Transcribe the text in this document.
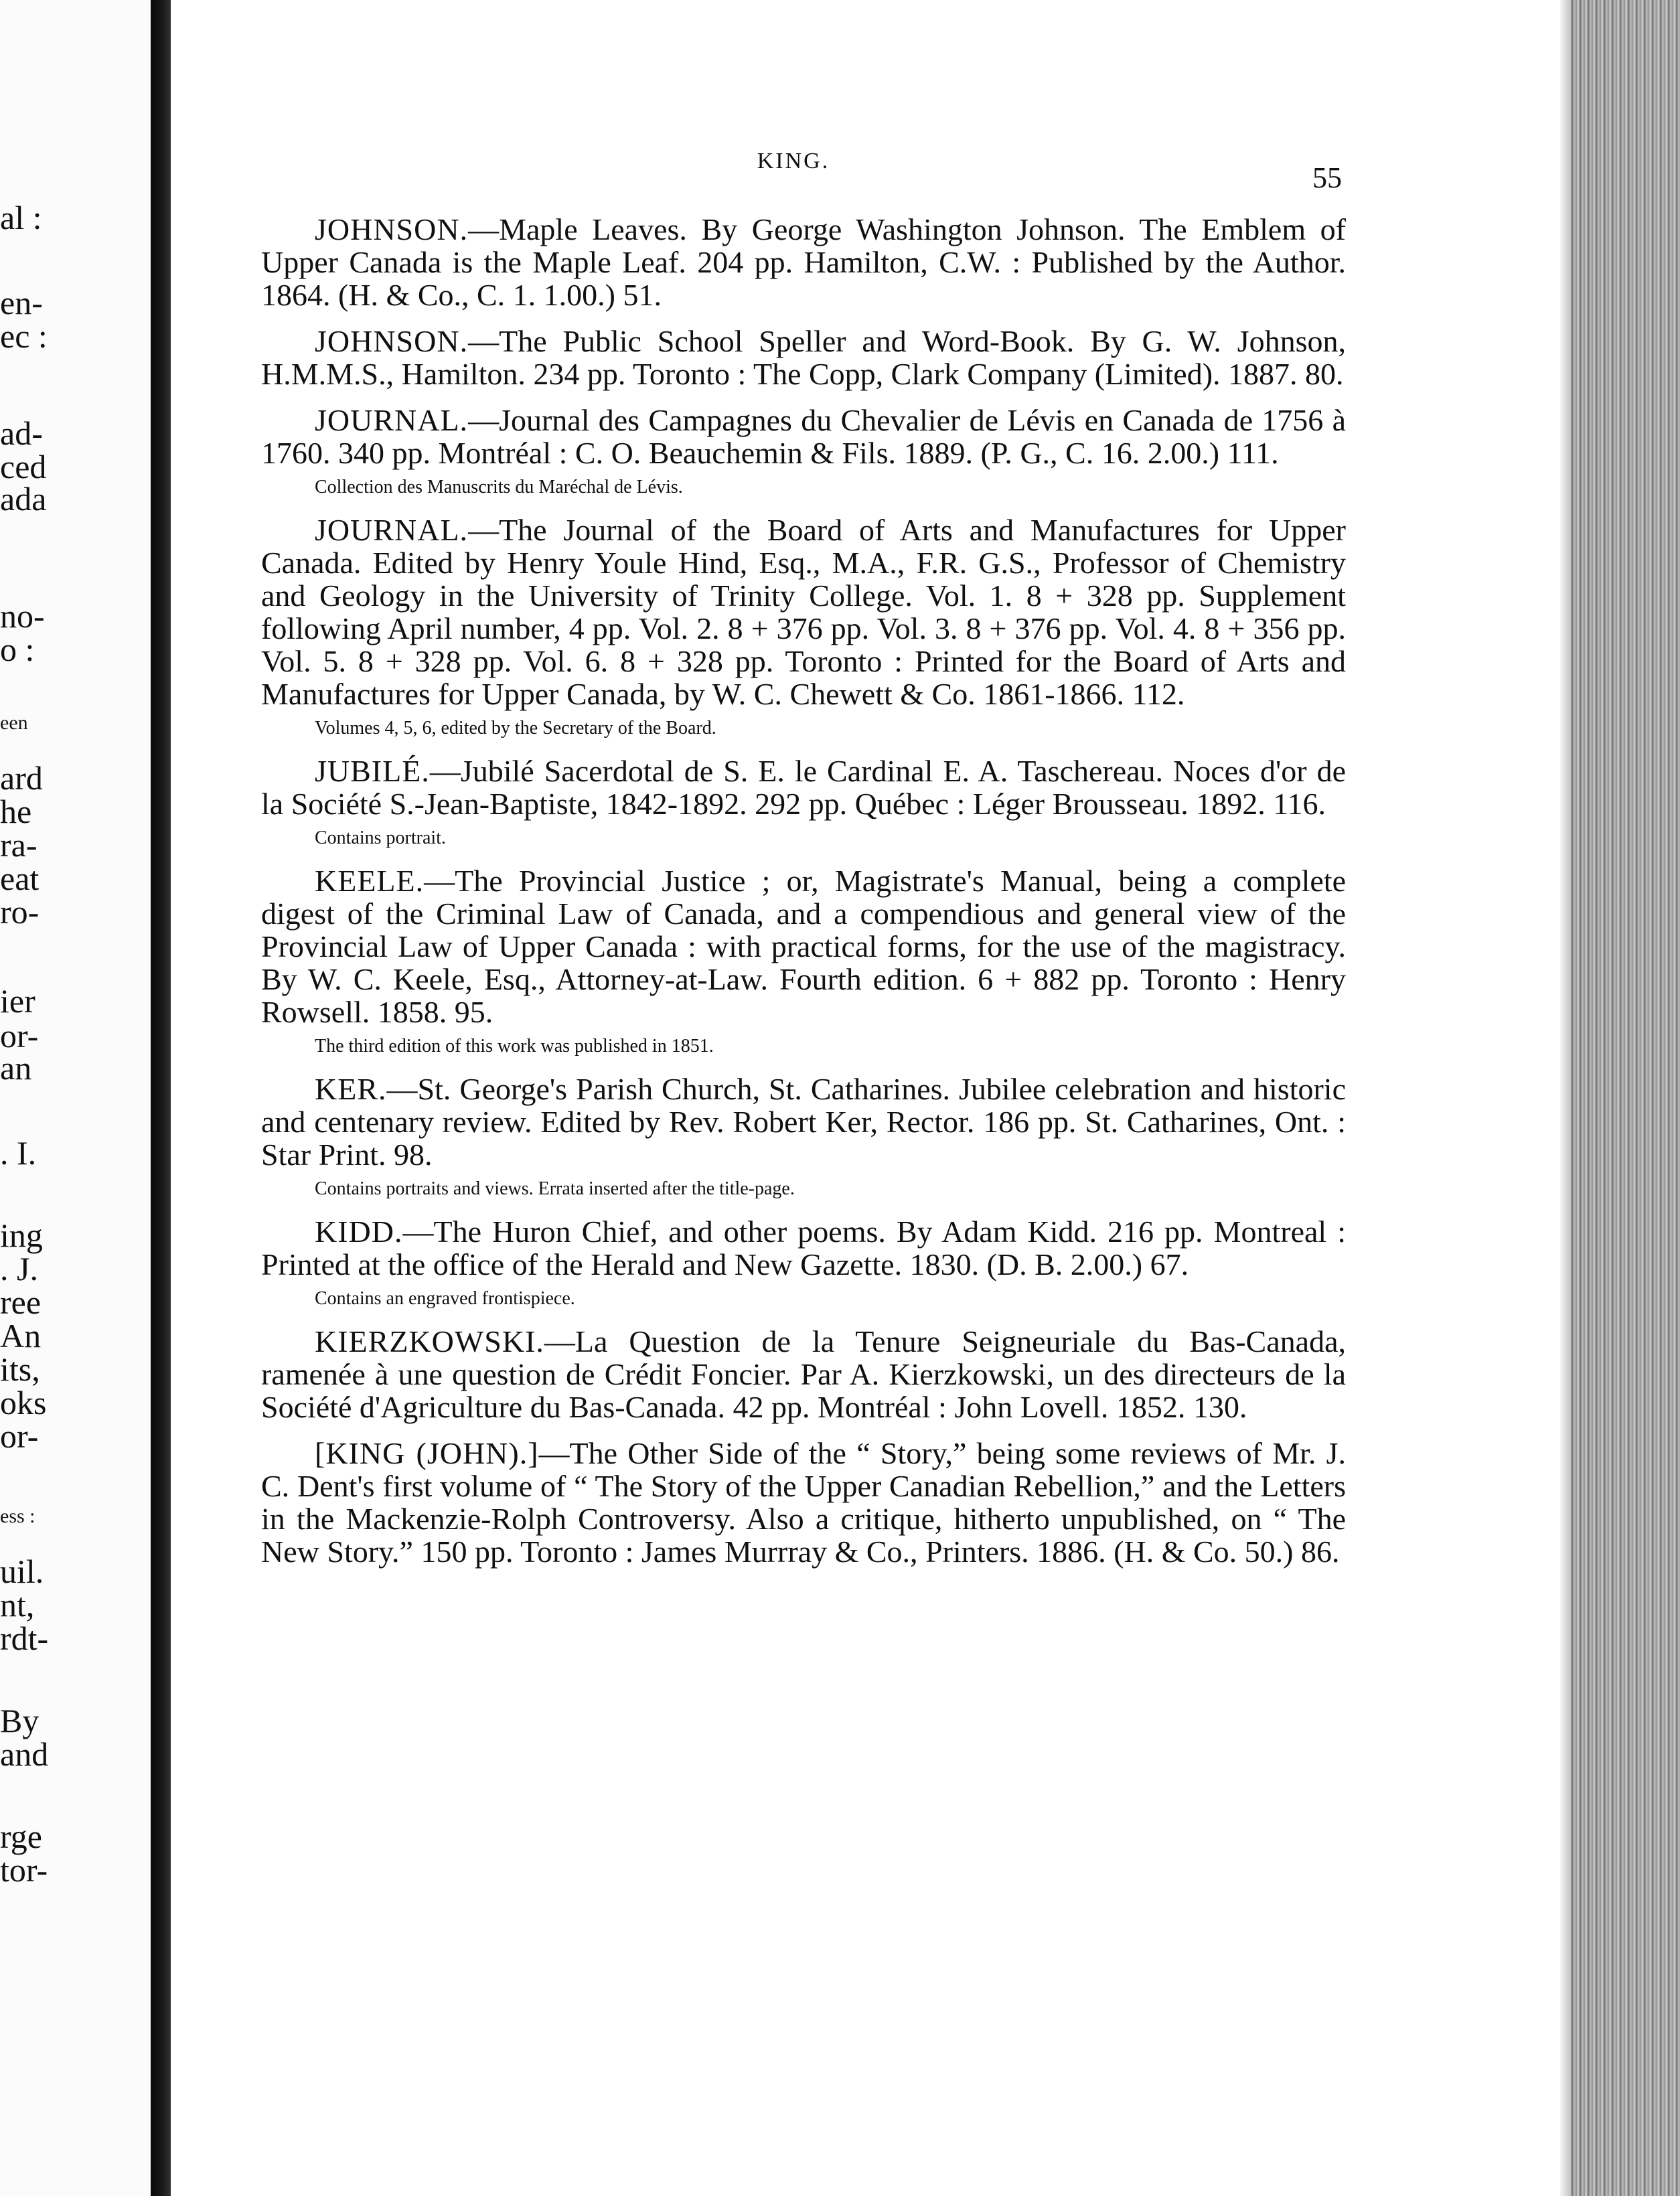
al :
en-
ec :
ad-
ced
ada
no-
o :
een
ard
he
ra-
eat
ro-
ier
or-
an
. I.
ing
. J.
ree
An
its,
oks
or-
ess :
uil.
nt,
rdt-
By
and
rge
tor-
KING.
55

JOHNSON.—Maple Leaves. By George Washington Johnson. The Emblem of Upper Canada is the Maple Leaf. 204 pp. Hamilton, C.W. : Published by the Author. 1864. (H. & Co., C. 1. 1.00.) 51.

JOHNSON.—The Public School Speller and Word-Book. By G. W. Johnson, H.M.M.S., Hamilton. 234 pp. Toronto : The Copp, Clark Company (Limited). 1887. 80.

JOURNAL.—Journal des Campagnes du Chevalier de Lévis en Canada de 1756 à 1760. 340 pp. Montréal : C. O. Beauchemin & Fils. 1889. (P. G., C. 16. 2.00.) 111.

Collection des Manuscrits du Maréchal de Lévis.

JOURNAL.—The Journal of the Board of Arts and Manufactures for Upper Canada. Edited by Henry Youle Hind, Esq., M.A., F.R. G.S., Professor of Chemistry and Geology in the University of Trinity College. Vol. 1. 8 + 328 pp. Supplement following April number, 4 pp. Vol. 2. 8 + 376 pp. Vol. 3. 8 + 376 pp. Vol. 4. 8 + 356 pp. Vol. 5. 8 + 328 pp. Vol. 6. 8 + 328 pp. Toronto : Printed for the Board of Arts and Manufactures for Upper Canada, by W. C. Chewett & Co. 1861-1866. 112.

Volumes 4, 5, 6, edited by the Secretary of the Board.

JUBILÉ.—Jubilé Sacerdotal de S. E. le Cardinal E. A. Taschereau. Noces d'or de la Société S.-Jean-Baptiste, 1842-1892. 292 pp. Québec : Léger Brousseau. 1892. 116.

Contains portrait.

KEELE.—The Provincial Justice ; or, Magistrate's Manual, being a complete digest of the Criminal Law of Canada, and a compendious and general view of the Provincial Law of Upper Canada : with practical forms, for the use of the magistracy. By W. C. Keele, Esq., Attorney-at-Law. Fourth edition. 6 + 882 pp. Toronto : Henry Rowsell. 1858. 95.

The third edition of this work was published in 1851.

KER.—St. George's Parish Church, St. Catharines. Jubilee celebration and historic and centenary review. Edited by Rev. Robert Ker, Rector. 186 pp. St. Catharines, Ont. : Star Print. 98.

Contains portraits and views. Errata inserted after the title-page.

KIDD.—The Huron Chief, and other poems. By Adam Kidd. 216 pp. Montreal : Printed at the office of the Herald and New Gazette. 1830. (D. B. 2.00.) 67.

Contains an engraved frontispiece.

KIERZKOWSKI.—La Question de la Tenure Seigneuriale du Bas-Canada, ramenée à une question de Crédit Foncier. Par A. Kierzkowski, un des directeurs de la Société d'Agriculture du Bas-Canada. 42 pp. Montréal : John Lovell. 1852. 130.

[KING (JOHN).]—The Other Side of the “ Story,” being some reviews of Mr. J. C. Dent's first volume of “ The Story of the Upper Canadian Rebellion,” and the Letters in the Mackenzie-Rolph Controversy. Also a critique, hitherto unpublished, on “ The New Story.” 150 pp. Toronto : James Murrray & Co., Printers. 1886. (H. & Co. 50.) 86.
